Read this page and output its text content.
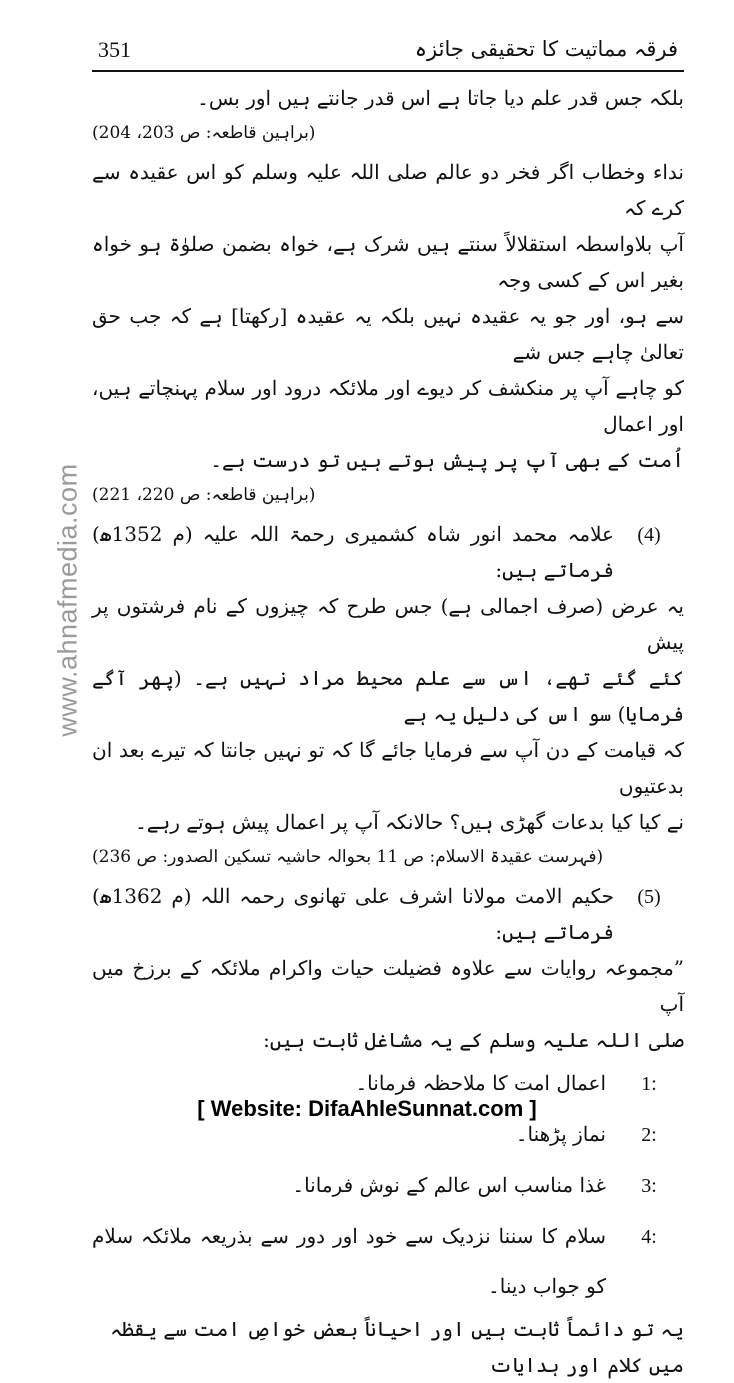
351	فرقہ مماتیت کا تحقیقی جائزہ
www.ahnafmedia.com

بلکہ جس قدر علم دیا جاتا ہے اس قدر جانتے ہیں اور بس۔

(براہین قاطعہ: ص 203، 204)

نداء وخطاب اگر فخر دو عالم صلی اللہ علیہ وسلم کو اس عقیدہ سے کرے کہ

آپ بلاواسطہ استقلالاً سنتے ہیں شرک ہے، خواہ بضمن صلوٰۃ ہو خواہ بغیر اس کے کسی وجہ

سے ہو، اور جو یہ عقیدہ نہیں بلکہ یہ عقیدہ [رکھتا] ہے کہ جب حق تعالیٰ چاہے جس شے

کو چاہے آپ پر منکشف کر دیوے اور ملائکہ درود اور سلام پہنچاتے ہیں، اور اعمال

اُمت کے بھی آپ پر پیش ہوتے ہیں تو درست ہے۔

(براہین قاطعہ: ص 220، 221)

(4)
علامہ محمد انور شاہ کشمیری رحمۃ اللہ علیہ (م 1352ھ) فرماتے ہیں:

یہ عرض (صرف اجمالی ہے) جس طرح کہ چیزوں کے نام فرشتوں پر پیش

کئے گئے تھے، اس سے علم محیط مراد نہیں ہے۔ (پھر آگے فرمایا) سو اس کی دلیل یہ ہے

کہ قیامت کے دن آپ سے فرمایا جائے گا کہ تو نہیں جانتا کہ تیرے بعد ان بدعتیوں

نے کیا کیا بدعات گھڑی ہیں؟ حالانکہ آپ پر اعمال پیش ہوتے رہے۔

(فہرست عقیدۃ الاسلام: ص 11 بحوالہ حاشیہ تسکین الصدور: ص 236)

(5)
حکیم الامت مولانا اشرف علی تھانوی رحمہ اللہ (م 1362ھ) فرماتے ہیں:

”مجموعہ روایات سے علاوہ فضیلت حیات واکرام ملائکہ کے برزخ میں آپ

صلی اللہ علیہ وسلم کے یہ مشاغل ثابت ہیں:

1:
اعمال امت کا ملاحظہ فرمانا۔
2:
نماز پڑھنا۔
3:
غذا مناسب اس عالم کے نوش فرمانا۔
4:
سلام کا سننا نزدیک سے خود اور دور سے بذریعہ ملائکہ سلام کو جواب دینا۔

یہ تو دائماً ثابت ہیں اور احیاناً بعض خواصِ امت سے یقظہ میں کلام اور ہدایات

[ Website: DifaAhleSunnat.com ]
